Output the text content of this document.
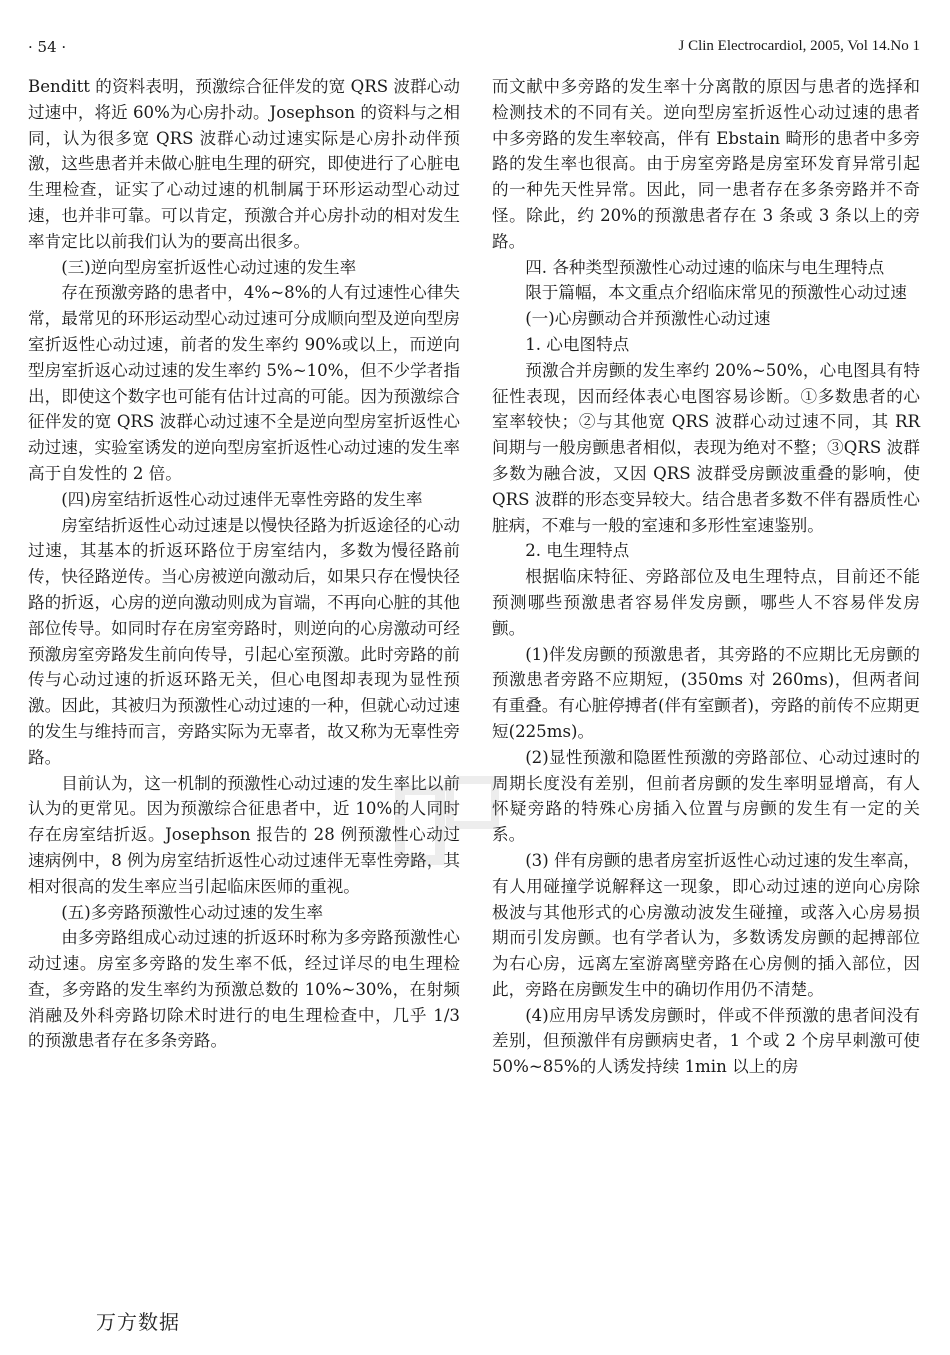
· 54 ·	J Clin Electrocardiol, 2005, Vol 14.No 1

Benditt 的资料表明，预激综合征伴发的宽 QRS 波群心动过速中，将近 60%为心房扑动。Josephson 的资料与之相同，认为很多宽 QRS 波群心动过速实际是心房扑动伴预激，这些患者并未做心脏电生理的研究，即使进行了心脏电生理检查，证实了心动过速的机制属于环形运动型心动过速，也并非可靠。可以肯定，预激合并心房扑动的相对发生率肯定比以前我们认为的要高出很多。

(三)逆向型房室折返性心动过速的发生率

存在预激旁路的患者中，4%~8%的人有过速性心律失常，最常见的环形运动型心动过速可分成顺向型及逆向型房室折返性心动过速，前者的发生率约 90%或以上，而逆向型房室折返心动过速的发生率约 5%~10%，但不少学者指出，即使这个数字也可能有估计过高的可能。因为预激综合征伴发的宽 QRS 波群心动过速不全是逆向型房室折返性心动过速，实验室诱发的逆向型房室折返性心动过速的发生率高于自发性的 2 倍。

(四)房室结折返性心动过速伴无辜性旁路的发生率

房室结折返性心动过速是以慢快径路为折返途径的心动过速，其基本的折返环路位于房室结内，多数为慢径路前传，快径路逆传。当心房被逆向激动后，如果只存在慢快径路的折返，心房的逆向激动则成为盲端，不再向心脏的其他部位传导。如同时存在房室旁路时，则逆向的心房激动可经预激房室旁路发生前向传导，引起心室预激。此时旁路的前传与心动过速的折返环路无关，但心电图却表现为显性预激。因此，其被归为预激性心动过速的一种，但就心动过速的发生与维持而言，旁路实际为无辜者，故又称为无辜性旁路。

目前认为，这一机制的预激性心动过速的发生率比以前认为的更常见。因为预激综合征患者中，近 10%的人同时存在房室结折返。Josephson 报告的 28 例预激性心动过速病例中，8 例为房室结折返性心动过速伴无辜性旁路，其相对很高的发生率应当引起临床医师的重视。

(五)多旁路预激性心动过速的发生率

由多旁路组成心动过速的折返环时称为多旁路预激性心动过速。房室多旁路的发生率不低，经过详尽的电生理检查，多旁路的发生率约为预激总数的 10%~30%，在射频消融及外科旁路切除术时进行的电生理检查中，几乎 1/3 的预激患者存在多条旁路。

而文献中多旁路的发生率十分离散的原因与患者的选择和检测技术的不同有关。逆向型房室折返性心动过速的患者中多旁路的发生率较高，伴有 Ebstain 畸形的患者中多旁路的发生率也很高。由于房室旁路是房室环发育异常引起的一种先天性异常。因此，同一患者存在多条旁路并不奇怪。除此，约 20%的预激患者存在 3 条或 3 条以上的旁路。

四. 各种类型预激性心动过速的临床与电生理特点

限于篇幅，本文重点介绍临床常见的预激性心动过速

(一)心房颤动合并预激性心动过速
1. 心电图特点

预激合并房颤的发生率约 20%~50%，心电图具有特征性表现，因而经体表心电图容易诊断。①多数患者的心室率较快；②与其他宽 QRS 波群心动过速不同，其 RR 间期与一般房颤患者相似，表现为绝对不整；③QRS 波群多数为融合波，又因 QRS 波群受房颤波重叠的影响，使 QRS 波群的形态变异较大。结合患者多数不伴有器质性心脏病，不难与一般的室速和多形性室速鉴别。

2. 电生理特点

根据临床特征、旁路部位及电生理特点，目前还不能预测哪些预激患者容易伴发房颤，哪些人不容易伴发房颤。

(1)伴发房颤的预激患者，其旁路的不应期比无房颤的预激患者旁路不应期短，(350ms 对 260ms)，但两者间有重叠。有心脏停搏者(伴有室颤者)，旁路的前传不应期更短(225ms)。

(2)显性预激和隐匿性预激的旁路部位、心动过速时的周期长度没有差别，但前者房颤的发生率明显增高，有人怀疑旁路的特殊心房插入位置与房颤的发生有一定的关系。

(3) 伴有房颤的患者房室折返性心动过速的发生率高，有人用碰撞学说解释这一现象，即心动过速的逆向心房除极波与其他形式的心房激动波发生碰撞，或落入心房易损期而引发房颤。也有学者认为，多数诱发房颤的起搏部位为右心房，远离左室游离壁旁路在心房侧的插入部位，因此，旁路在房颤发生中的确切作用仍不清楚。

(4)应用房早诱发房颤时，伴或不伴预激的患者间没有差别，但预激伴有房颤病史者，1 个或 2 个房早刺激可使 50%~85%的人诱发持续 1min 以上的房

万方数据
